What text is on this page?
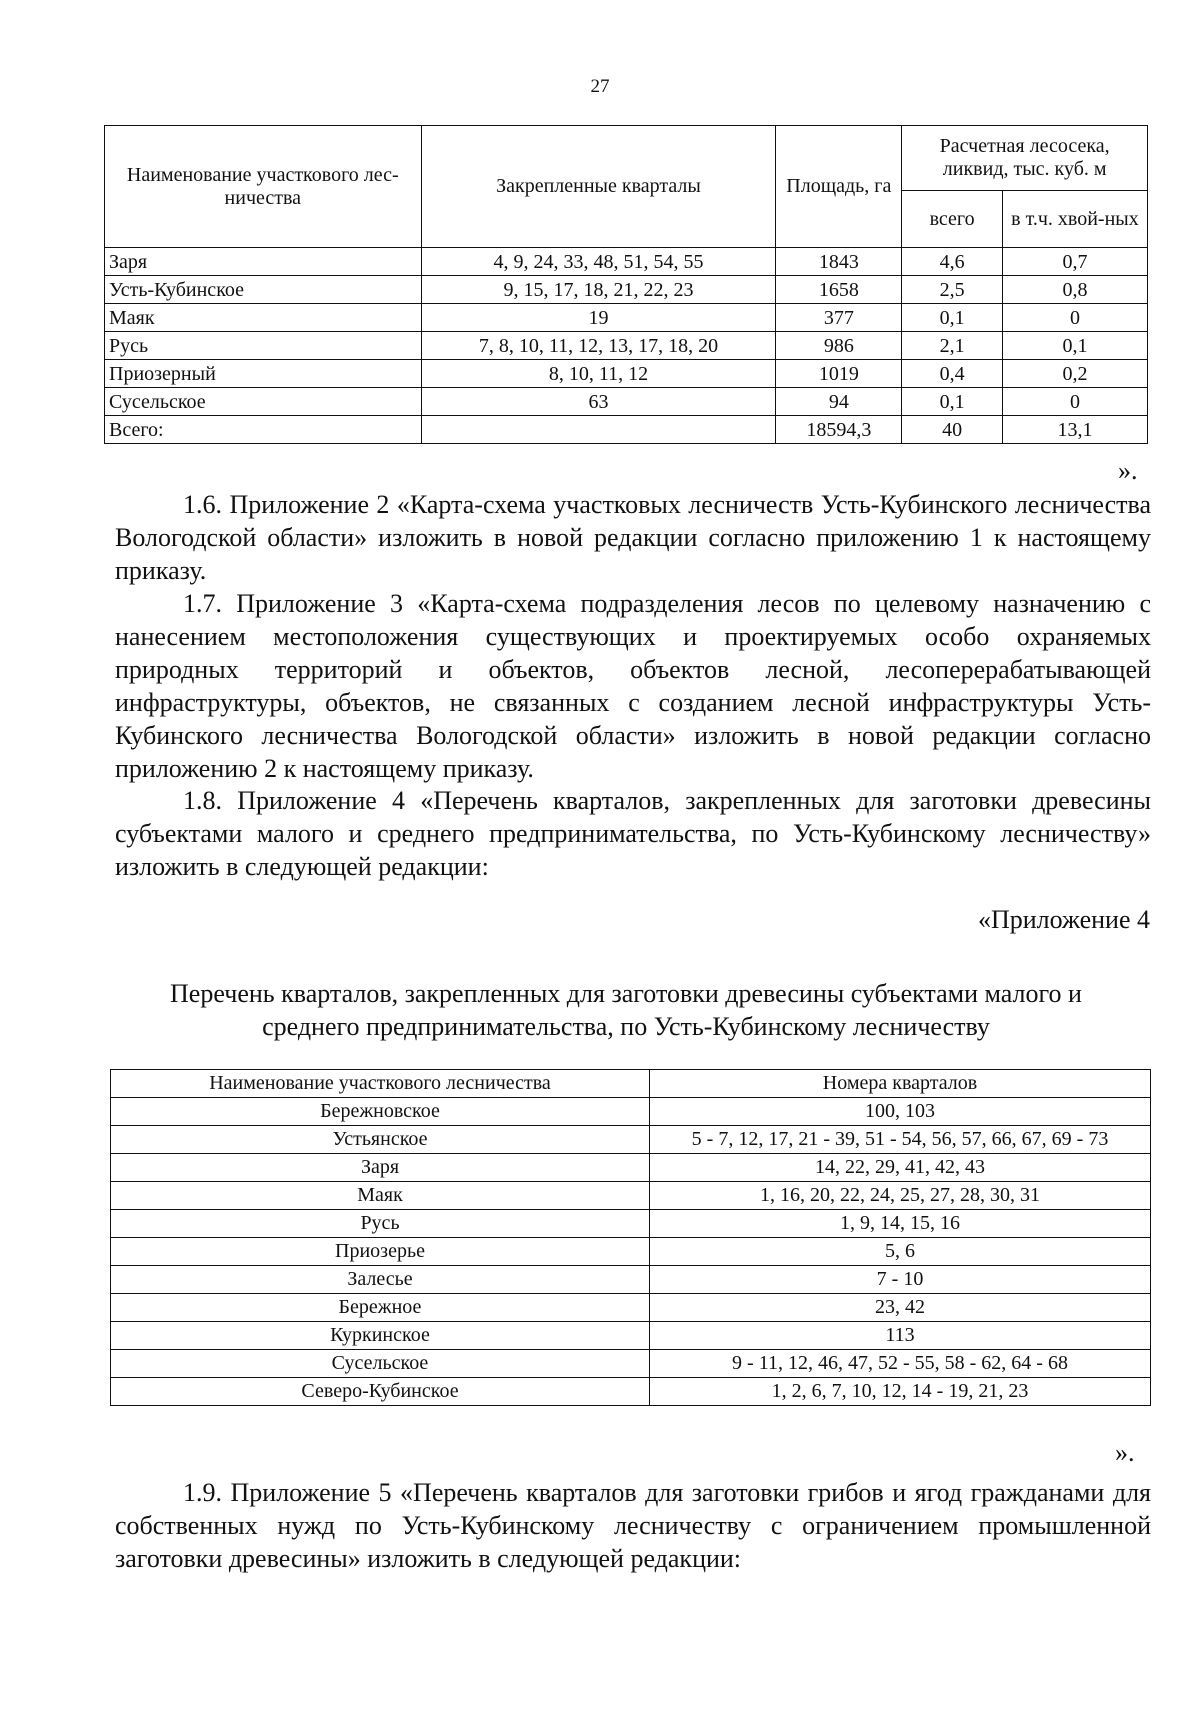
27
Наименование участкового лес-ничества	Закрепленные кварталы	Площадь, га	Расчетная лесосека, ликвид, тыс. куб. м	
			всего	в т.ч. хвой-ных
Заря	4, 9, 24, 33, 48, 51, 54, 55	1843	4,6	0,7
Усть-Кубинское	9, 15, 17, 18, 21, 22, 23	1658	2,5	0,8
Маяк	19	377	0,1	0
Русь	7, 8, 10, 11, 12, 13, 17, 18, 20	986	2,1	0,1
Приозерный	8, 10, 11, 12	1019	0,4	0,2
Сусельское	63	94	0,1	0
Всего:		18594,3	40	13,1
».

1.6. Приложение 2 «Карта-схема участковых лесничеств Усть-Кубинского лесничества Вологодской области» изложить в новой редакции согласно приложению 1 к настоящему приказу.

1.7. Приложение 3 «Карта-схема подразделения лесов по целевому назначению с нанесением местоположения существующих и проектируемых особо охраняемых природных территорий и объектов, объектов лесной, лесоперерабатывающей инфраструктуры, объектов, не связанных с созданием лесной инфраструктуры Усть-Кубинского лесничества Вологодской области» изложить в новой редакции согласно приложению 2 к настоящему приказу.

1.8. Приложение 4 «Перечень кварталов, закрепленных для заготовки древесины субъектами малого и среднего предпринимательства, по Усть-Кубинскому лесничеству» изложить в следующей редакции:

«Приложение 4
Перечень кварталов, закрепленных для заготовки древесины субъектами малого и
среднего предпринимательства, по Усть-Кубинскому лесничеству
Наименование участкового лесничества	Номера кварталов
Бережновское	100, 103
Устьянское	5 - 7, 12, 17, 21 - 39, 51 - 54, 56, 57, 66, 67, 69 - 73
Заря	14, 22, 29, 41, 42, 43
Маяк	1, 16, 20, 22, 24, 25, 27, 28, 30, 31
Русь	1, 9, 14, 15, 16
Приозерье	5, 6
Залесье	7 - 10
Бережное	23, 42
Куркинское	113
Сусельское	9 - 11, 12, 46, 47, 52 - 55, 58 - 62, 64 - 68
Северо-Кубинское	1, 2, 6, 7, 10, 12, 14 - 19, 21, 23
».

1.9. Приложение 5 «Перечень кварталов для заготовки грибов и ягод гражданами для собственных нужд по Усть-Кубинскому лесничеству с ограничением промышленной заготовки древесины» изложить в следующей редакции:
